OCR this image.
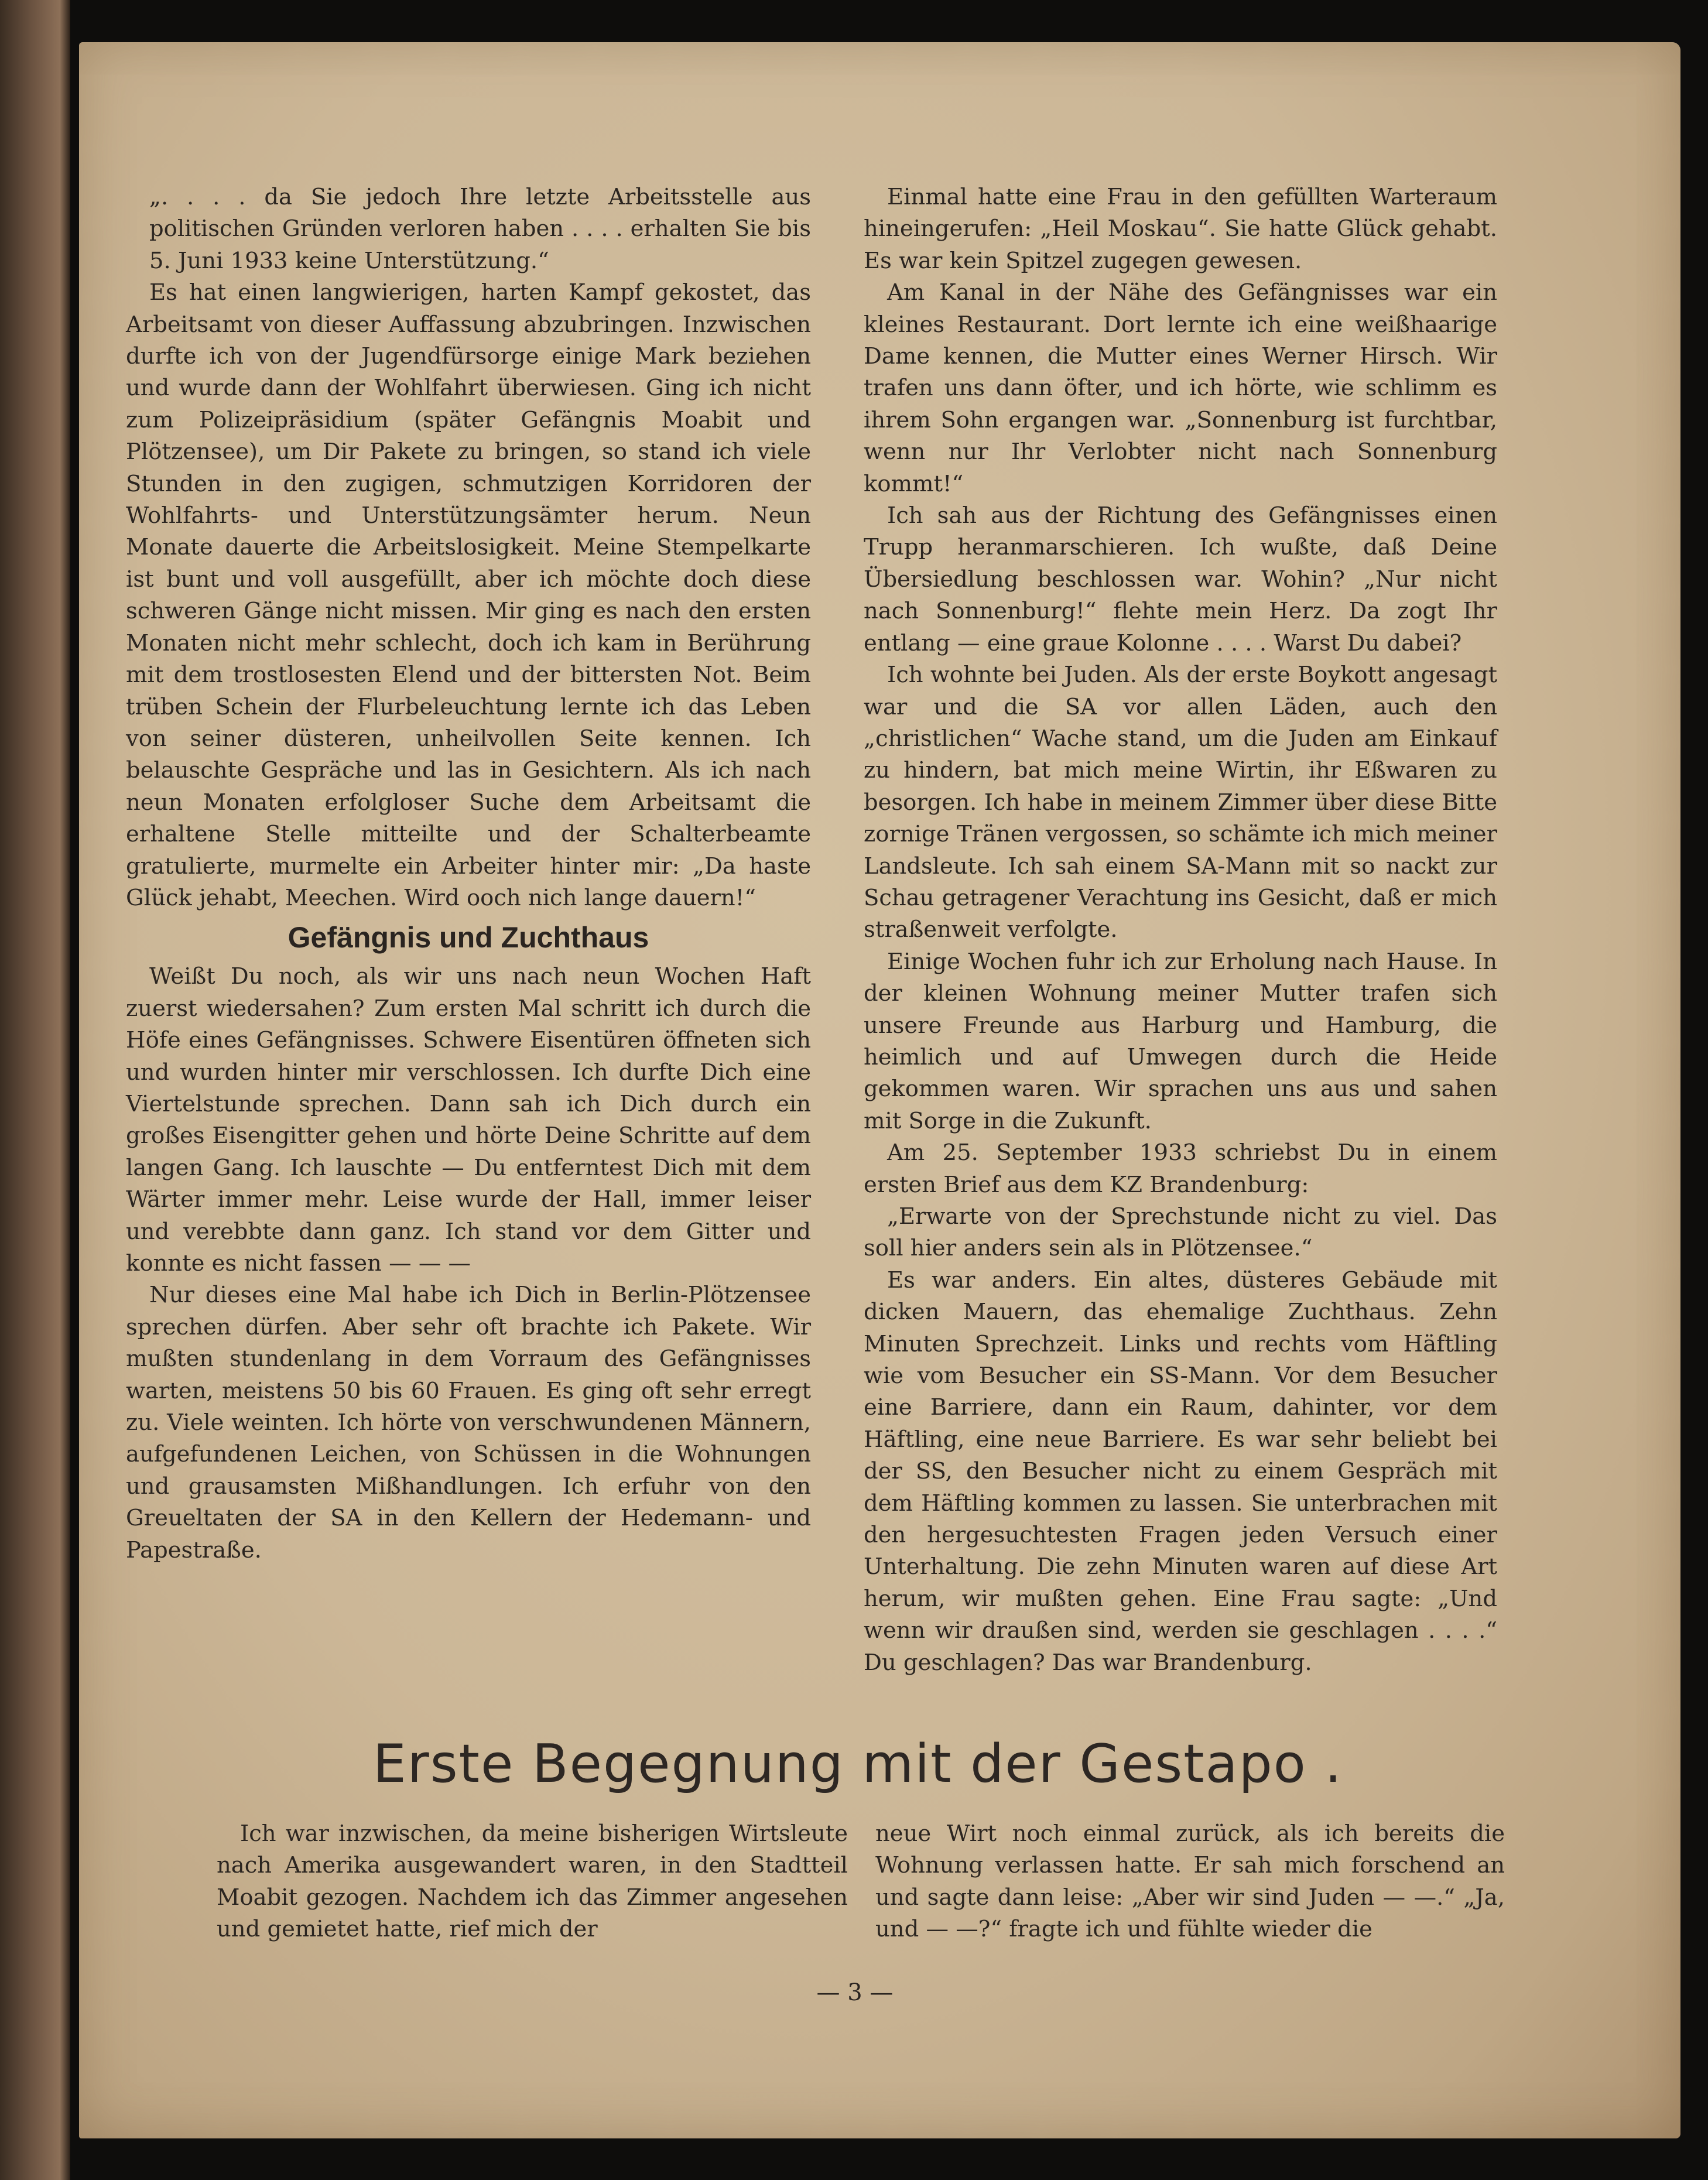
„. . . . da Sie jedoch Ihre letzte Arbeitsstelle aus politischen Gründen verloren haben . . . . erhalten Sie bis 5. Juni 1933 keine Unterstützung.“

Es hat einen langwierigen, harten Kampf gekostet, das Arbeitsamt von dieser Auffassung abzubringen. Inzwischen durfte ich von der Jugendfürsorge einige Mark beziehen und wurde dann der Wohlfahrt überwiesen. Ging ich nicht zum Polizeipräsidium (später Gefängnis Moabit und Plötzensee), um Dir Pakete zu bringen, so stand ich viele Stunden in den zugigen, schmutzigen Korridoren der Wohlfahrts- und Unterstützungsämter herum. Neun Monate dauerte die Arbeitslosigkeit. Meine Stempelkarte ist bunt und voll ausgefüllt, aber ich möchte doch diese schweren Gänge nicht missen. Mir ging es nach den ersten Monaten nicht mehr schlecht, doch ich kam in Berührung mit dem trostlosesten Elend und der bittersten Not. Beim trüben Schein der Flurbeleuchtung lernte ich das Leben von seiner düsteren, unheilvollen Seite kennen. Ich belauschte Gespräche und las in Gesichtern. Als ich nach neun Monaten erfolgloser Suche dem Arbeitsamt die erhaltene Stelle mitteilte und der Schalterbeamte gratulierte, murmelte ein Arbeiter hinter mir: „Da haste Glück jehabt, Meechen. Wird ooch nich lange dauern!“

Gefängnis und Zuchthaus

Weißt Du noch, als wir uns nach neun Wochen Haft zuerst wiedersahen? Zum ersten Mal schritt ich durch die Höfe eines Gefängnisses. Schwere Eisentüren öffneten sich und wurden hinter mir verschlossen. Ich durfte Dich eine Viertelstunde sprechen. Dann sah ich Dich durch ein großes Eisengitter gehen und hörte Deine Schritte auf dem langen Gang. Ich lauschte — Du entferntest Dich mit dem Wärter immer mehr. Leise wurde der Hall, immer leiser und verebbte dann ganz. Ich stand vor dem Gitter und konnte es nicht fassen — — —

Nur dieses eine Mal habe ich Dich in Berlin-Plötzensee sprechen dürfen. Aber sehr oft brachte ich Pakete. Wir mußten stundenlang in dem Vorraum des Gefängnisses warten, meistens 50 bis 60 Frauen. Es ging oft sehr erregt zu. Viele weinten. Ich hörte von verschwundenen Männern, aufgefundenen Leichen, von Schüssen in die Wohnungen und grausamsten Mißhandlungen. Ich erfuhr von den Greueltaten der SA in den Kellern der Hedemann- und Papestraße.

Einmal hatte eine Frau in den gefüllten Warteraum hineingerufen: „Heil Moskau“. Sie hatte Glück gehabt. Es war kein Spitzel zugegen gewesen.

Am Kanal in der Nähe des Gefängnisses war ein kleines Restaurant. Dort lernte ich eine weißhaarige Dame kennen, die Mutter eines Werner Hirsch. Wir trafen uns dann öfter, und ich hörte, wie schlimm es ihrem Sohn ergangen war. „Sonnenburg ist furchtbar, wenn nur Ihr Verlobter nicht nach Sonnenburg kommt!“

Ich sah aus der Richtung des Gefängnisses einen Trupp heranmarschieren. Ich wußte, daß Deine Übersiedlung beschlossen war. Wohin? „Nur nicht nach Sonnenburg!“ flehte mein Herz. Da zogt Ihr entlang — eine graue Kolonne . . . . Warst Du dabei?

Ich wohnte bei Juden. Als der erste Boykott angesagt war und die SA vor allen Läden, auch den „christlichen“ Wache stand, um die Juden am Einkauf zu hindern, bat mich meine Wirtin, ihr Eßwaren zu besorgen. Ich habe in meinem Zimmer über diese Bitte zornige Tränen vergossen, so schämte ich mich meiner Landsleute. Ich sah einem SA-Mann mit so nackt zur Schau getragener Verachtung ins Gesicht, daß er mich straßenweit verfolgte.

Einige Wochen fuhr ich zur Erholung nach Hause. In der kleinen Wohnung meiner Mutter trafen sich unsere Freunde aus Harburg und Hamburg, die heimlich und auf Umwegen durch die Heide gekommen waren. Wir sprachen uns aus und sahen mit Sorge in die Zukunft.

Am 25. September 1933 schriebst Du in einem ersten Brief aus dem KZ Brandenburg:

„Erwarte von der Sprechstunde nicht zu viel. Das soll hier anders sein als in Plötzensee.“

Es war anders. Ein altes, düsteres Gebäude mit dicken Mauern, das ehemalige Zuchthaus. Zehn Minuten Sprechzeit. Links und rechts vom Häftling wie vom Besucher ein SS-Mann. Vor dem Besucher eine Barriere, dann ein Raum, dahinter, vor dem Häftling, eine neue Barriere. Es war sehr beliebt bei der SS, den Besucher nicht zu einem Gespräch mit dem Häftling kommen zu lassen. Sie unterbrachen mit den hergesuchtesten Fragen jeden Versuch einer Unterhaltung. Die zehn Minuten waren auf diese Art herum, wir mußten gehen. Eine Frau sagte: „Und wenn wir draußen sind, werden sie geschlagen . . . .“ Du geschlagen? Das war Brandenburg.

Erste Begegnung mit der Gestapo .

Ich war inzwischen, da meine bisherigen Wirtsleute nach Amerika ausgewandert waren, in den Stadtteil Moabit gezogen. Nachdem ich das Zimmer angesehen und gemietet hatte, rief mich der

neue Wirt noch einmal zurück, als ich bereits die Wohnung verlassen hatte. Er sah mich forschend an und sagte dann leise: „Aber wir sind Juden — —.“ „Ja, und — —?“ fragte ich und fühlte wieder die

— 3 —
